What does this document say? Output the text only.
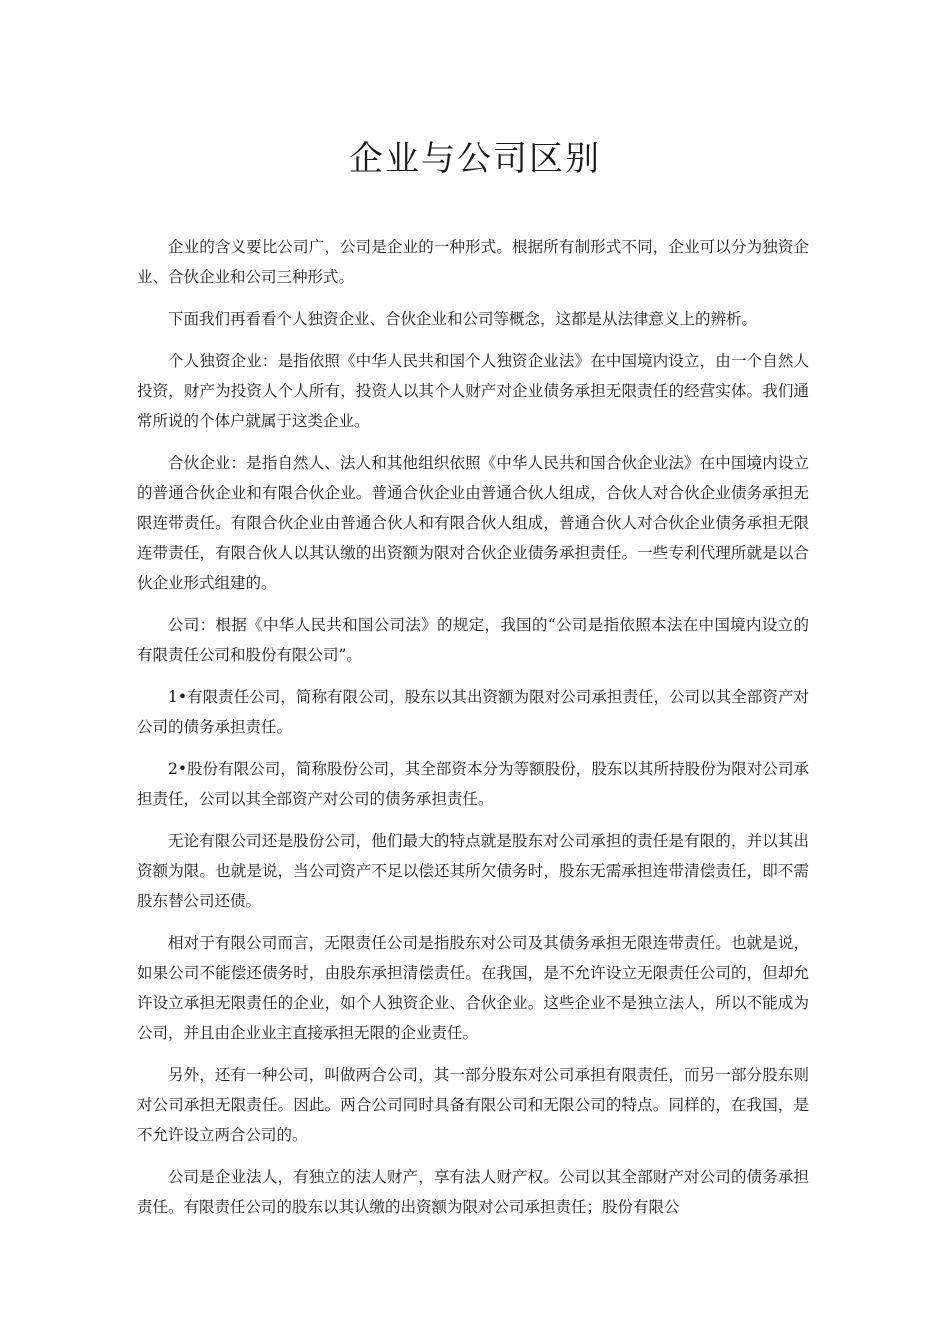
企业与公司区别

企业的含义要比公司广，公司是企业的一种形式。根据所有制形式不同，企业可以分为独资企业、合伙企业和公司三种形式。

下面我们再看看个人独资企业、合伙企业和公司等概念，这都是从法律意义上的辨析。

个人独资企业：是指依照《中华人民共和国个人独资企业法》在中国境内设立，由一个自然人投资，财产为投资人个人所有，投资人以其个人财产对企业债务承担无限责任的经营实体。我们通常所说的个体户就属于这类企业。

合伙企业：是指自然人、法人和其他组织依照《中华人民共和国合伙企业法》在中国境内设立的普通合伙企业和有限合伙企业。普通合伙企业由普通合伙人组成，合伙人对合伙企业债务承担无限连带责任。有限合伙企业由普通合伙人和有限合伙人组成，普通合伙人对合伙企业债务承担无限连带责任，有限合伙人以其认缴的出资额为限对合伙企业债务承担责任。一些专利代理所就是以合伙企业形式组建的。

公司：根据《中华人民共和国公司法》的规定，我国的“公司是指依照本法在中国境内设立的有限责任公司和股份有限公司”。

1•有限责任公司，简称有限公司，股东以其出资额为限对公司承担责任，公司以其全部资产对公司的债务承担责任。

2•股份有限公司，简称股份公司，其全部资本分为等额股份，股东以其所持股份为限对公司承担责任，公司以其全部资产对公司的债务承担责任。

无论有限公司还是股份公司，他们最大的特点就是股东对公司承担的责任是有限的，并以其出资额为限。也就是说，当公司资产不足以偿还其所欠债务时，股东无需承担连带清偿责任，即不需股东替公司还债。

相对于有限公司而言，无限责任公司是指股东对公司及其债务承担无限连带责任。也就是说，如果公司不能偿还债务时，由股东承担清偿责任。在我国，是不允许设立无限责任公司的，但却允许设立承担无限责任的企业，如个人独资企业、合伙企业。这些企业不是独立法人，所以不能成为公司，并且由企业业主直接承担无限的企业责任。

另外，还有一种公司，叫做两合公司，其一部分股东对公司承担有限责任，而另一部分股东则对公司承担无限责任。因此。两合公司同时具备有限公司和无限公司的特点。同样的，在我国，是不允许设立两合公司的。

公司是企业法人，有独立的法人财产，享有法人财产权。公司以其全部财产对公司的债务承担责任。有限责任公司的股东以其认缴的出资额为限对公司承担责任；股份有限公
